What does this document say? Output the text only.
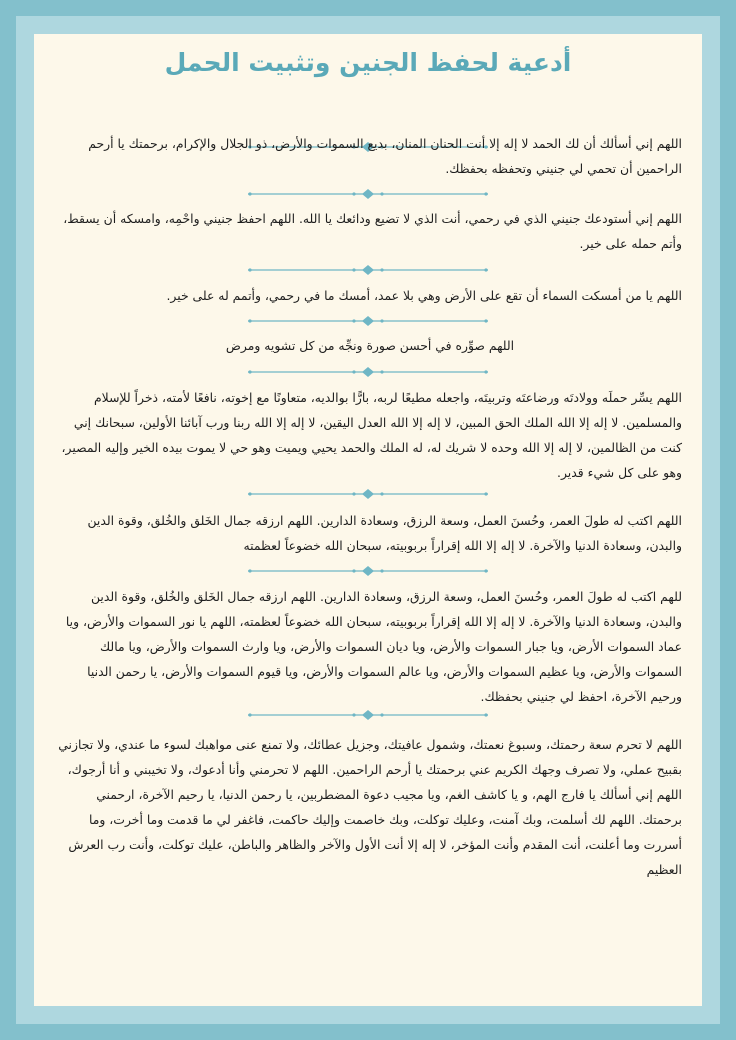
أدعية لحفظ الجنين وتثبيت الحمل
اللهم إني أسألك أن لك الحمد لا إله إلا أنت الحنان المنان، بديع السموات والأرض، ذو الجلال والإكرام، برحمتك يا أرحم الراحمين أن تحمي لي جنيني وتحفظه بحفظك.
اللهم إني أستودعك جنيني الذي في رحمي، أنت الذي لا تضيع ودائعك يا الله. اللهم احفظ جنيني واحْمِه، وامسكه أن يسقط، وأتم حمله على خير.
اللهم يا من أمسكت السماء أن تقع على الأرض وهي بلا عمد، أمسك ما في رحمي، وأتمم له على خير.
اللهم صوِّره في أحسن صورة ونجِّه من كل تشويه ومرض
اللهم يسِّر حملَه وولادتَه ورضاعتَه وتربيتَه، واجعله مطيعًا لربه، بارًّا بوالديه، متعاونًا مع إخوته، نافعًا لأمته، ذخراً للإسلام والمسلمين. لا إله إلا الله الملك الحق المبين، لا إله إلا الله العدل اليقين، لا إله إلا الله ربنا ورب آبائنا الأولين، سبحانك إني كنت من الظالمين، لا إله إلا الله وحده لا شريك له، له الملك والحمد يحيي ويميت وهو حي لا يموت بيده الخير وإليه المصير، وهو على كل شيء قدير.
اللهم اكتب له طولَ العمر، وحُسنَ العمل، وسعة الرزق، وسعادة الدارين. اللهم ارزقه جمال الخَلق والخُلق، وقوة الدين والبدن، وسعادة الدنيا والآخرة. لا إله إلا الله إقراراً بربوبيته، سبحان الله خضوعاً لعظمته
للهم اكتب له طولَ العمر، وحُسنَ العمل، وسعة الرزق، وسعادة الدارين. اللهم ارزقه جمال الخَلق والخُلق، وقوة الدين والبدن، وسعادة الدنيا والآخرة. لا إله إلا الله إقراراً بربوبيته، سبحان الله خضوعاً لعظمته، اللهم يا نور السموات والأرض، ويا عماد السموات الأرض، ويا جبار السموات والأرض، ويا ديان السموات والأرض، ويا وارث السموات والأرض، ويا مالك السموات والأرض، ويا عظيم السموات والأرض، ويا عالم السموات والأرض، ويا قيوم السموات والأرض، يا رحمن الدنيا ورحيم الآخرة، احفظ لي جنيني بحفظك.
اللهم لا تحرم سعة رحمتك، وسبوغ نعمتك، وشمول عافيتك، وجزيل عطائك، ولا تمنع عنى مواهبك لسوء ما عندي، ولا تجازني بقبيح عملي، ولا تصرف وجهك الكريم عني برحمتك يا أرحم الراحمين. اللهم لا تحرمني وأنا أدعوك، ولا تخيبني و أنا أرجوك، اللهم إني أسألك يا فارج الهم، و يا كاشف الغم، ويا مجيب دعوة المضطربين، يا رحمن الدنيا، يا رحيم الآخرة، ارحمني برحمتك. اللهم لك أسلمت، وبك آمنت، وعليك توكلت، وبك خاصمت وإليك حاكمت، فاغفر لي ما قدمت وما أخرت، وما أسررت وما أعلنت، أنت المقدم وأنت المؤخر، لا إله إلا أنت الأول والآخر والظاهر والباطن، عليك توكلت، وأنت رب العرش العظيم
